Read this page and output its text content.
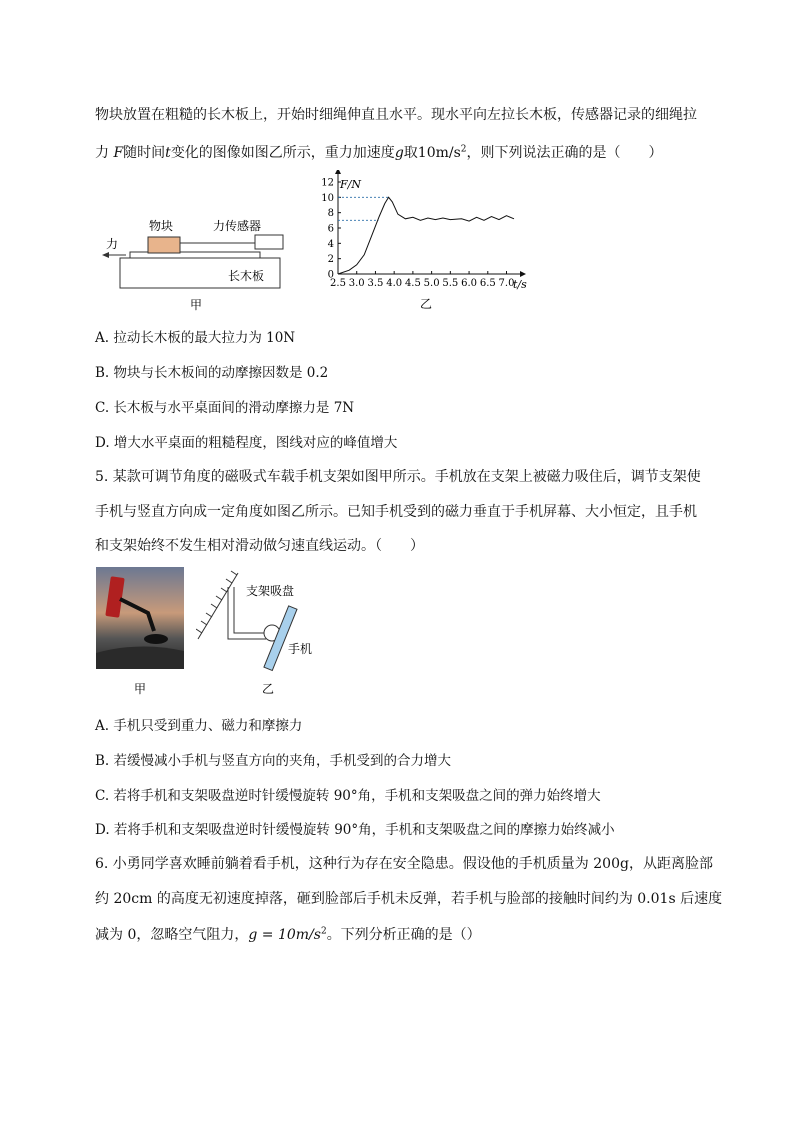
物块放置在粗糙的长木板上，开始时细绳伸直且水平。现水平向左拉长木板，传感器记录的细绳拉
力 F随时间t变化的图像如图乙所示，重力加速度g取$10m/s^2$，则下列说法正确的是（　　）
物块	力传感器
力
长木板
甲
0
2
4
6
8
10
12
2.5 3.0 3.5 4.0 4.5 5.0 5.5 6.0 6.5 7.0
F/N
t/s
乙
A. 拉动长木板的最大拉力为 10N
B. 物块与长木板间的动摩擦因数是 0.2
C. 长木板与水平桌面间的滑动摩擦力是 7N
D. 增大水平桌面的粗糙程度，图线对应的峰值增大
5. 某款可调节角度的磁吸式车载手机支架如图甲所示。手机放在支架上被磁力吸住后，调节支架使
手机与竖直方向成一定角度如图乙所示。已知手机受到的磁力垂直于手机屏幕、大小恒定，且手机
和支架始终不发生相对滑动做匀速直线运动。（　　）
甲
支架吸盘
手机
乙
A. 手机只受到重力、磁力和摩擦力
B. 若缓慢减小手机与竖直方向的夹角，手机受到的合力增大
C. 若将手机和支架吸盘逆时针缓慢旋转 90°角，手机和支架吸盘之间的弹力始终增大
D. 若将手机和支架吸盘逆时针缓慢旋转 90°角，手机和支架吸盘之间的摩擦力始终减小
6. 小勇同学喜欢睡前躺着看手机，这种行为存在安全隐患。假设他的手机质量为 200g，从距离脸部
约 20cm 的高度无初速度掉落，砸到脸部后手机未反弹，若手机与脸部的接触时间约为 0.01s 后速度
减为 0，忽略空气阻力，$g = 10m/s^2$。下列分析正确的是（）
